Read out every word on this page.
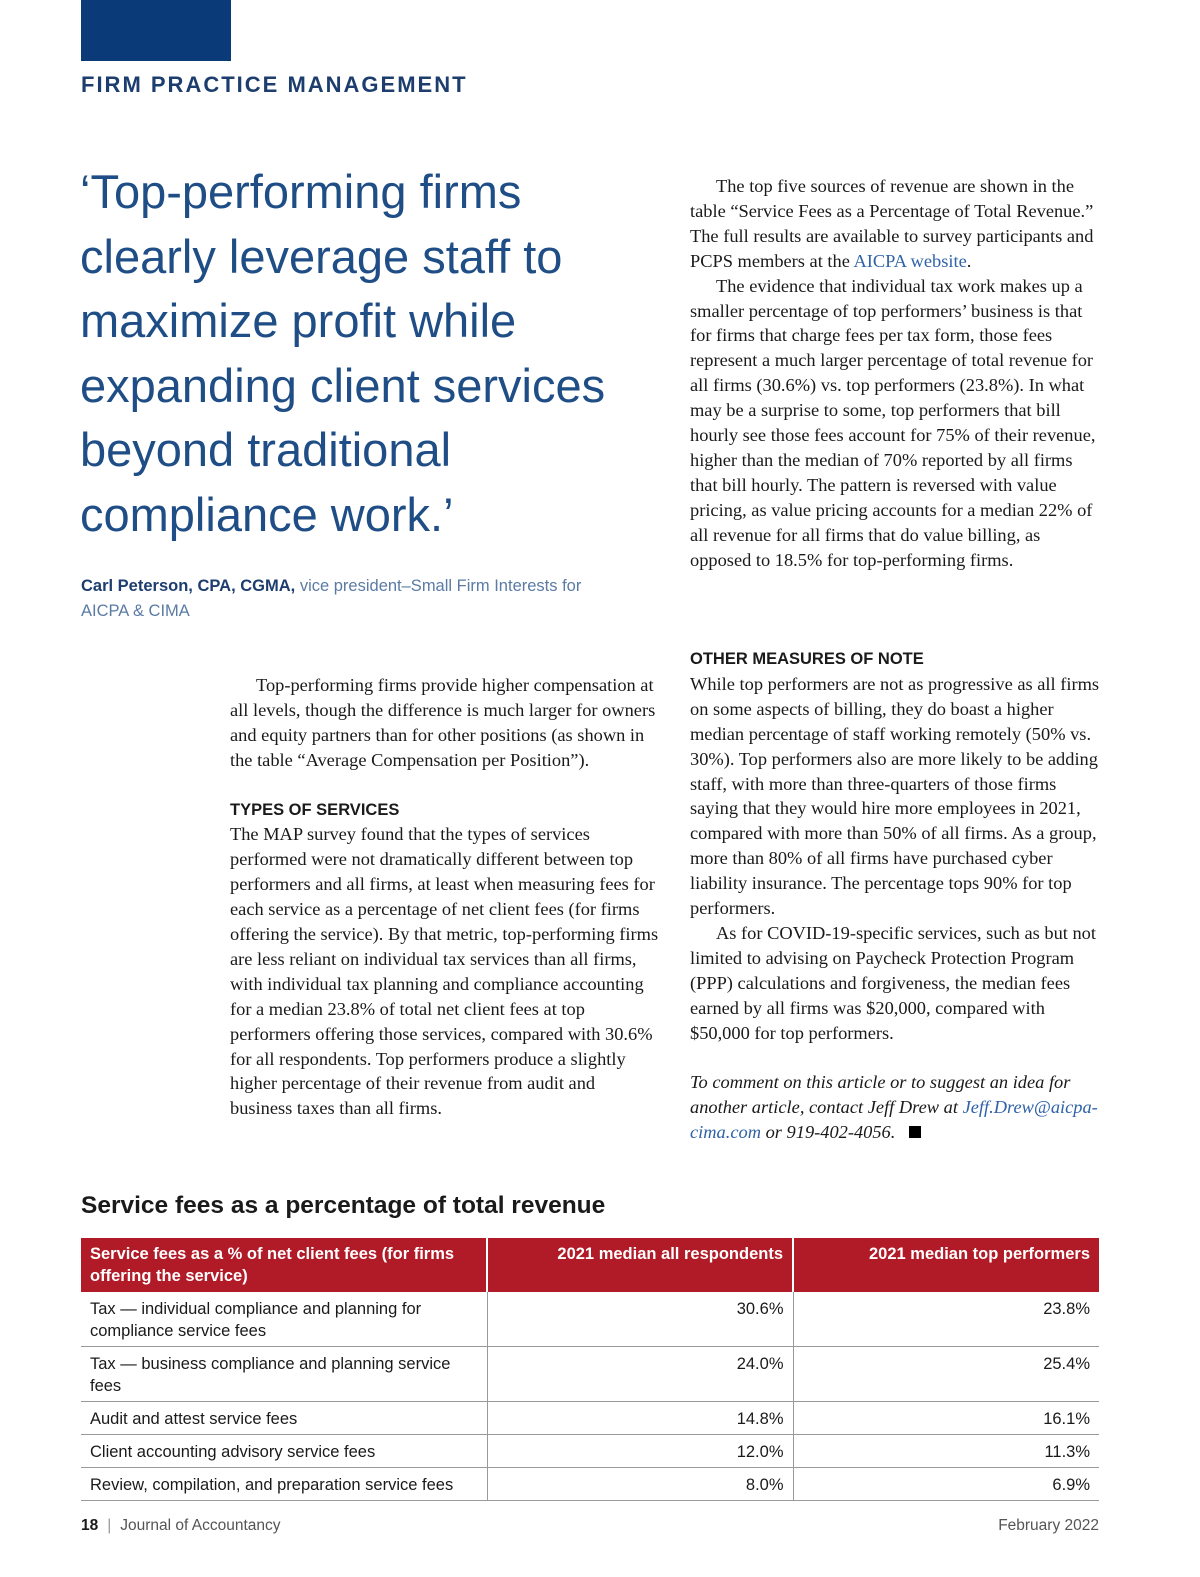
FIRM PRACTICE MANAGEMENT
‘Top-performing firms
clearly leverage staff to
maximize profit while
expanding client services
beyond traditional
compliance work.’
Carl Peterson, CPA, CGMA, vice president–Small Firm Interests for
AICPA & CIMA

Top-performing firms provide higher compensation at all levels, though the difference is much larger for owners and equity partners than for other positions (as shown in the table “Average Compensation per Position”).

TYPES OF SERVICES

The MAP survey found that the types of services performed were not dramatically different between top performers and all firms, at least when measuring fees for each service as a percentage of net client fees (for firms offering the service). By that metric, top-performing firms are less reliant on individual tax services than all firms, with individual tax planning and compliance accounting for a median 23.8% of total net client fees at top performers offering those services, compared with 30.6% for all respondents. Top performers produce a slightly higher percentage of their revenue from audit and business taxes than all firms.

The top five sources of revenue are shown in the table “Service Fees as a Percentage of Total Revenue.” The full results are available to survey participants and PCPS members at the AICPA website.

The evidence that individual tax work makes up a smaller percentage of top performers’ business is that for firms that charge fees per tax form, those fees represent a much larger percentage of total revenue for all firms (30.6%) vs. top performers (23.8%). In what may be a surprise to some, top performers that bill hourly see those fees account for 75% of their revenue, higher than the median of 70% reported by all firms that bill hourly. The pattern is reversed with value pricing, as value pricing accounts for a median 22% of all revenue for all firms that do value billing, as opposed to 18.5% for top-performing firms.

OTHER MEASURES OF NOTE

While top performers are not as progressive as all firms on some aspects of billing, they do boast a higher median percentage of staff working remotely (50% vs. 30%). Top performers also are more likely to be adding staff, with more than three-quarters of those firms saying that they would hire more employees in 2021, compared with more than 50% of all firms. As a group, more than 80% of all firms have purchased cyber liability insurance. The percentage tops 90% for top performers.

As for COVID-19-specific services, such as but not limited to advising on Paycheck Protection Program (PPP) calculations and forgiveness, the median fees earned by all firms was $20,000, compared with $50,000 for top performers.

To comment on this article or to suggest an idea for another article, contact Jeff Drew at Jeff.Drew@aicpa-cima.com or 919-402-4056.

Service fees as a percentage of total revenue
Service fees as a % of net client fees (for firms offering the service)	2021 median all respondents	2021 median top performers
Tax — individual compliance and planning for compliance service fees	30.6%	23.8%
Tax — business compliance and planning service fees	24.0%	25.4%
Audit and attest service fees	14.8%	16.1%
Client accounting advisory service fees	12.0%	11.3%
Review, compilation, and preparation service fees	8.0%	6.9%
18 | Journal of Accountancy	February 2022
